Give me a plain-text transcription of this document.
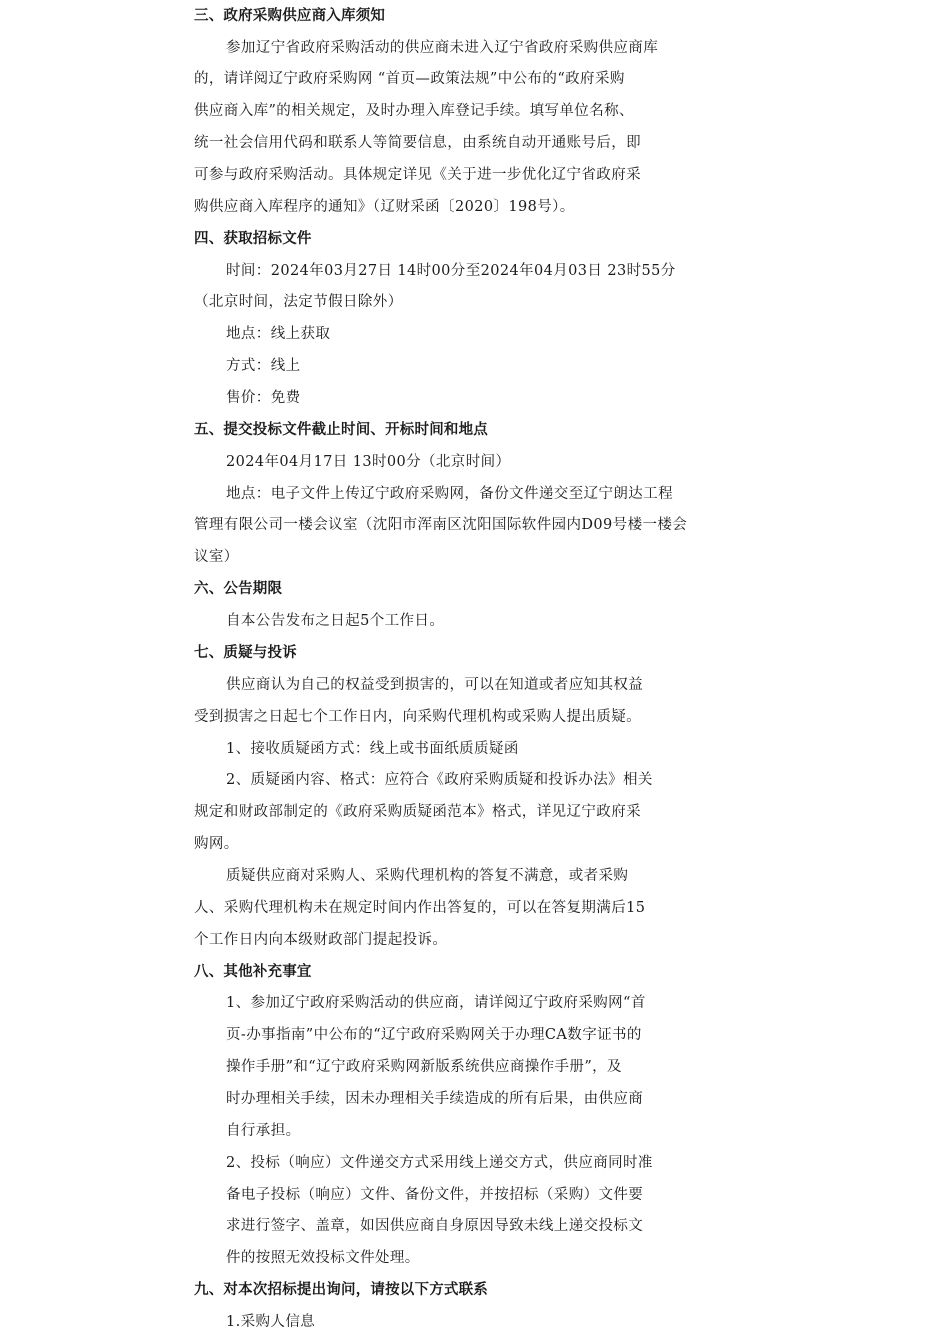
三、政府采购供应商入库须知
参加辽宁省政府采购活动的供应商未进入辽宁省政府采购供应商库
的，请详阅辽宁政府采购网 “首页—政策法规”中公布的“政府采购
供应商入库”的相关规定，及时办理入库登记手续。填写单位名称、
统一社会信用代码和联系人等简要信息，由系统自动开通账号后，即
可参与政府采购活动。具体规定详见《关于进一步优化辽宁省政府采
购供应商入库程序的通知》（辽财采函〔2020〕198号）。
四、获取招标文件
时间：2024年03月27日 14时00分至2024年04月03日 23时55分
（北京时间，法定节假日除外）
地点：线上获取
方式：线上
售价：免费
五、提交投标文件截止时间、开标时间和地点
2024年04月17日 13时00分（北京时间）
地点：电子文件上传辽宁政府采购网，备份文件递交至辽宁朗达工程
管理有限公司一楼会议室（沈阳市浑南区沈阳国际软件园内D09号楼一楼会
议室）
六、公告期限
自本公告发布之日起5个工作日。
七、质疑与投诉
供应商认为自己的权益受到损害的，可以在知道或者应知其权益
受到损害之日起七个工作日内，向采购代理机构或采购人提出质疑。
1、接收质疑函方式：线上或书面纸质质疑函
2、质疑函内容、格式：应符合《政府采购质疑和投诉办法》相关
规定和财政部制定的《政府采购质疑函范本》格式，详见辽宁政府采
购网。
质疑供应商对采购人、采购代理机构的答复不满意，或者采购
人、采购代理机构未在规定时间内作出答复的，可以在答复期满后15
个工作日内向本级财政部门提起投诉。
八、其他补充事宜
1、参加辽宁政府采购活动的供应商，请详阅辽宁政府采购网“首
页-办事指南”中公布的“辽宁政府采购网关于办理CA数字证书的
操作手册”和“辽宁政府采购网新版系统供应商操作手册”，及
时办理相关手续，因未办理相关手续造成的所有后果，由供应商
自行承担。
2、投标（响应）文件递交方式采用线上递交方式，供应商同时准
备电子投标（响应）文件、备份文件，并按招标（采购）文件要
求进行签字、盖章，如因供应商自身原因导致未线上递交投标文
件的按照无效投标文件处理。
九、对本次招标提出询问，请按以下方式联系
1.采购人信息
